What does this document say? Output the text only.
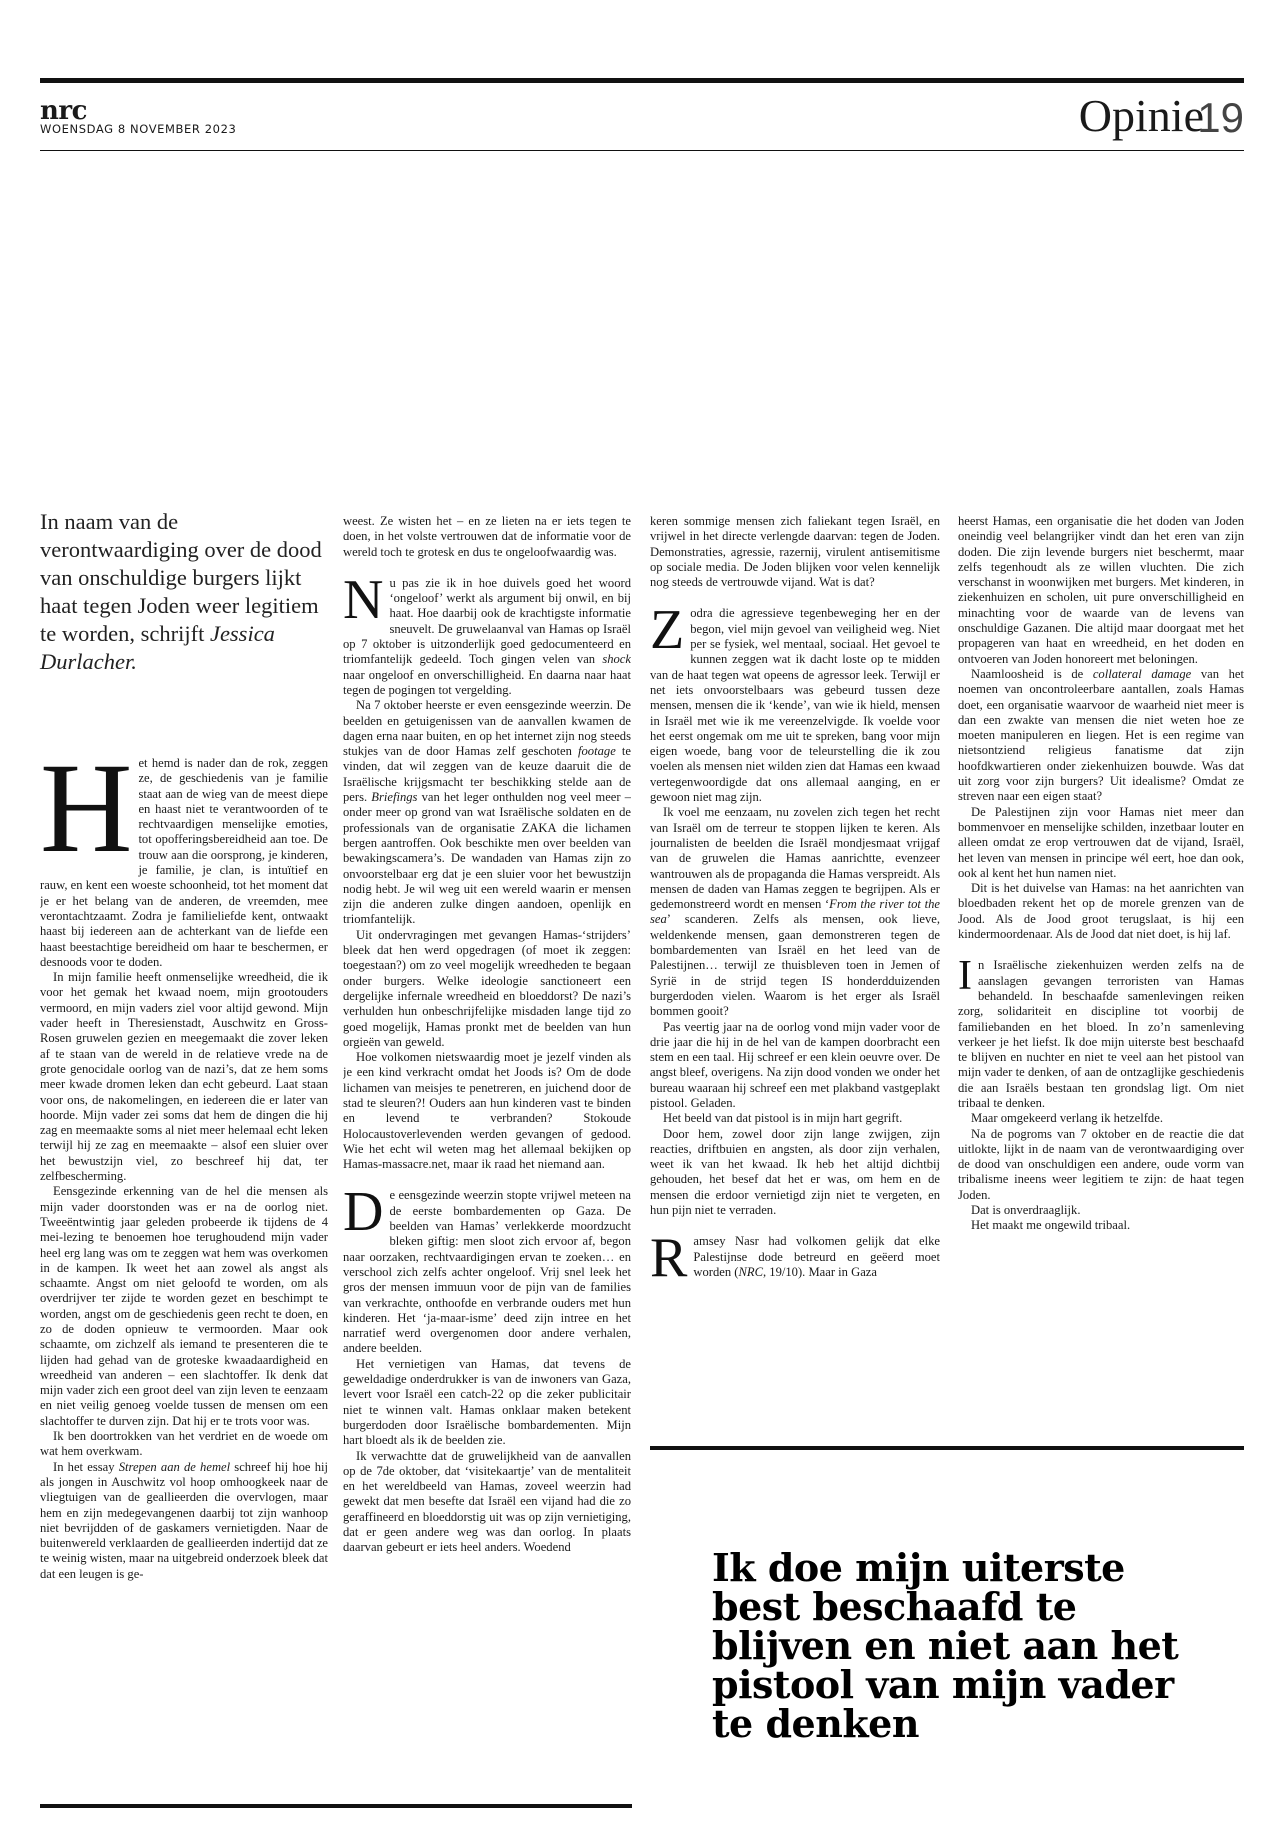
nrc
WOENSDAG 8 NOVEMBER 2023	Opinie
19
In naam van de verontwaardiging over de dood van onschuldige burgers lijkt haat tegen Joden weer legitiem te worden, schrijft Jessica Durlacher.
H et hemd is nader dan de rok, zeggen ze, de geschiedenis van je familie staat aan de wieg van de meest diepe en haast niet te verantwoorden of te rechtvaardigen menselijke emoties, tot opofferingsbereidheid aan toe. De trouw aan die oorsprong, je kinderen, je familie, je clan, is intuïtief en rauw, en kent een woeste schoonheid, tot het moment dat je er het belang van de anderen, de vreemden, mee verontachtzaamt. Zodra je familieliefde kent, ontwaakt haast bij iedereen aan de achterkant van de liefde een haast beestachtige bereidheid om haar te beschermen, er desnoods voor te doden.

In mijn familie heeft onmenselijke wreedheid, die ik voor het gemak het kwaad noem, mijn grootouders vermoord, en mijn vaders ziel voor altijd gewond. Mijn vader heeft in Theresienstadt, Auschwitz en Gross-Rosen gruwelen gezien en meegemaakt die zover leken af te staan van de wereld in de relatieve vrede na de grote genocidale oorlog van de nazi’s, dat ze hem soms meer kwade dromen leken dan echt gebeurd. Laat staan voor ons, de nakomelingen, en iedereen die er later van hoorde. Mijn vader zei soms dat hem de dingen die hij zag en meemaakte soms al niet meer helemaal echt leken terwijl hij ze zag en meemaakte – alsof een sluier over het bewustzijn viel, zo beschreef hij dat, ter zelfbescherming.

Eensgezinde erkenning van de hel die mensen als mijn vader doorstonden was er na de oorlog niet. Tweeëntwintig jaar geleden probeerde ik tijdens de 4 mei-lezing te benoemen hoe terughoudend mijn vader heel erg lang was om te zeggen wat hem was overkomen in de kampen. Ik weet het aan zowel als angst als schaamte. Angst om niet geloofd te worden, om als overdrijver ter zijde te worden gezet en beschimpt te worden, angst om de geschiedenis geen recht te doen, en zo de doden opnieuw te vermoorden. Maar ook schaamte, om zichzelf als iemand te presenteren die te lijden had gehad van de groteske kwaadaardigheid en wreedheid van anderen – een slachtoffer. Ik denk dat mijn vader zich een groot deel van zijn leven te eenzaam en niet veilig genoeg voelde tussen de mensen om een slachtoffer te durven zijn. Dat hij er te trots voor was.

Ik ben doortrokken van het verdriet en de woede om wat hem overkwam.

In het essay Strepen aan de hemel schreef hij hoe hij als jongen in Auschwitz vol hoop omhoogkeek naar de vliegtuigen van de geallieerden die overvlogen, maar hem en zijn medegevangenen daarbij tot zijn wanhoop niet bevrijdden of de gaskamers vernietigden. Naar de buitenwereld verklaarden de geallieerden indertijd dat ze te weinig wisten, maar na uitgebreid onderzoek bleek dat dat een leugen is ge-

weest. Ze wisten het – en ze lieten na er iets tegen te doen, in het volste vertrouwen dat de informatie voor de wereld toch te grotesk en dus te ongeloofwaardig was.

Nu pas zie ik in hoe duivels goed het woord ‘ongeloof’ werkt als argument bij onwil, en bij haat. Hoe daarbij ook de krachtigste informatie sneuvelt. De gruwelaanval van Hamas op Israël op 7 oktober is uitzonderlijk goed gedocumenteerd en triomfantelijk gedeeld. Toch gingen velen van shock naar ongeloof en onverschilligheid. En daarna naar haat tegen de pogingen tot vergelding.

Na 7 oktober heerste er even eensgezinde weerzin. De beelden en getuigenissen van de aanvallen kwamen de dagen erna naar buiten, en op het internet zijn nog steeds stukjes van de door Hamas zelf geschoten footage te vinden, dat wil zeggen van de keuze daaruit die de Israëlische krijgsmacht ter beschikking stelde aan de pers. Briefings van het leger onthulden nog veel meer – onder meer op grond van wat Israëlische soldaten en de professionals van de organisatie ZAKA die lichamen bergen aantroffen. Ook beschikte men over beelden van bewakingscamera’s. De wandaden van Hamas zijn zo onvoorstelbaar erg dat je een sluier voor het bewustzijn nodig hebt. Je wil weg uit een wereld waarin er mensen zijn die anderen zulke dingen aandoen, openlijk en triomfantelijk.

Uit ondervragingen met gevangen Hamas-‘strijders’ bleek dat hen werd opgedragen (of moet ik zeggen: toegestaan?) om zo veel mogelijk wreedheden te begaan onder burgers. Welke ideologie sanctioneert een dergelijke infernale wreedheid en bloeddorst? De nazi’s verhulden hun onbeschrijfelijke misdaden lange tijd zo goed mogelijk, Hamas pronkt met de beelden van hun orgieën van geweld.

Hoe volkomen nietswaardig moet je jezelf vinden als je een kind verkracht omdat het Joods is? Om de dode lichamen van meisjes te penetreren, en juichend door de stad te sleuren?! Ouders aan hun kinderen vast te binden en levend te verbranden? Stokoude Holocaustoverlevenden werden gevangen of gedood. Wie het echt wil weten mag het allemaal bekijken op Hamas-massacre.net, maar ik raad het niemand aan.

De eensgezinde weerzin stopte vrijwel meteen na de eerste bombardementen op Gaza. De beelden van Hamas’ verlekkerde moordzucht bleken giftig: men sloot zich ervoor af, begon naar oorzaken, rechtvaardigingen ervan te zoeken… en verschool zich zelfs achter ongeloof. Vrij snel leek het gros der mensen immuun voor de pijn van de families van verkrachte, onthoofde en verbrande ouders met hun kinderen. Het ‘ja-maar-isme’ deed zijn intree en het narratief werd overgenomen door andere verhalen, andere beelden.

Het vernietigen van Hamas, dat tevens de geweldadige onderdrukker is van de inwoners van Gaza, levert voor Israël een catch-22 op die zeker publicitair niet te winnen valt. Hamas onklaar maken betekent burgerdoden door Israëlische bombardementen. Mijn hart bloedt als ik de beelden zie.

Ik verwachtte dat de gruwelijkheid van de aanvallen op de 7de oktober, dat ‘visitekaartje’ van de mentaliteit en het wereldbeeld van Hamas, zoveel weerzin had gewekt dat men besefte dat Israël een vijand had die zo geraffineerd en bloeddorstig uit was op zijn vernietiging, dat er geen andere weg was dan oorlog. In plaats daarvan gebeurt er iets heel anders. Woedend

keren sommige mensen zich faliekant tegen Israël, en vrijwel in het directe verlengde daarvan: tegen de Joden. Demonstraties, agressie, razernij, virulent antisemitisme op sociale media. De Joden blijken voor velen kennelijk nog steeds de vertrouwde vijand. Wat is dat?

Zodra die agressieve tegenbeweging her en der begon, viel mijn gevoel van veiligheid weg. Niet per se fysiek, wel mentaal, sociaal. Het gevoel te kunnen zeggen wat ik dacht loste op te midden van de haat tegen wat opeens de agressor leek. Terwijl er net iets onvoorstelbaars was gebeurd tussen deze mensen, mensen die ik ‘kende’, van wie ik hield, mensen in Israël met wie ik me vereenzelvigde. Ik voelde voor het eerst ongemak om me uit te spreken, bang voor mijn eigen woede, bang voor de teleurstelling die ik zou voelen als mensen niet wilden zien dat Hamas een kwaad vertegenwoordigde dat ons allemaal aanging, en er gewoon niet mag zijn.

Ik voel me eenzaam, nu zovelen zich tegen het recht van Israël om de terreur te stoppen lijken te keren. Als journalisten de beelden die Israël mondjesmaat vrijgaf van de gruwelen die Hamas aanrichtte, evenzeer wantrouwen als de propaganda die Hamas verspreidt. Als mensen de daden van Hamas zeggen te begrijpen. Als er gedemonstreerd wordt en mensen ‘From the river tot the sea’ scanderen. Zelfs als mensen, ook lieve, weldenkende mensen, gaan demonstreren tegen de bombardementen van Israël en het leed van de Palestijnen… terwijl ze thuisbleven toen in Jemen of Syrië in de strijd tegen IS honderdduizenden burgerdoden vielen. Waarom is het erger als Israël bommen gooit?

Pas veertig jaar na de oorlog vond mijn vader voor de drie jaar die hij in de hel van de kampen doorbracht een stem en een taal. Hij schreef er een klein oeuvre over. De angst bleef, overigens. Na zijn dood vonden we onder het bureau waaraan hij schreef een met plakband vastgeplakt pistool. Geladen.

Het beeld van dat pistool is in mijn hart gegrift.

Door hem, zowel door zijn lange zwijgen, zijn reacties, driftbuien en angsten, als door zijn verhalen, weet ik van het kwaad. Ik heb het altijd dichtbij gehouden, het besef dat het er was, om hem en de mensen die erdoor vernietigd zijn niet te vergeten, en hun pijn niet te verraden.

Ramsey Nasr had volkomen gelijk dat elke Palestijnse dode betreurd en geëerd moet worden (NRC, 19/10). Maar in Gaza

heerst Hamas, een organisatie die het doden van Joden oneindig veel belangrijker vindt dan het eren van zijn doden. Die zijn levende burgers niet beschermt, maar zelfs tegenhoudt als ze willen vluchten. Die zich verschanst in woonwijken met burgers. Met kinderen, in ziekenhuizen en scholen, uit pure onverschilligheid en minachting voor de waarde van de levens van onschuldige Gazanen. Die altijd maar doorgaat met het propageren van haat en wreedheid, en het doden en ontvoeren van Joden honoreert met beloningen.

Naamloosheid is de collateral damage van het noemen van oncontroleerbare aantallen, zoals Hamas doet, een organisatie waarvoor de waarheid niet meer is dan een zwakte van mensen die niet weten hoe ze moeten manipuleren en liegen. Het is een regime van nietsontziend religieus fanatisme dat zijn hoofdkwartieren onder ziekenhuizen bouwde. Was dat uit zorg voor zijn burgers? Uit idealisme? Omdat ze streven naar een eigen staat?

De Palestijnen zijn voor Hamas niet meer dan bommenvoer en menselijke schilden, inzetbaar louter en alleen omdat ze erop vertrouwen dat de vijand, Israël, het leven van mensen in principe wél eert, hoe dan ook, ook al kent het hun namen niet.

Dit is het duivelse van Hamas: na het aanrichten van bloedbaden rekent het op de morele grenzen van de Jood. Als de Jood groot terugslaat, is hij een kindermoordenaar. Als de Jood dat niet doet, is hij laf.

In Israëlische ziekenhuizen werden zelfs na de aanslagen gevangen terroristen van Hamas behandeld. In beschaafde samenlevingen reiken zorg, solidariteit en discipline tot voorbij de familiebanden en het bloed. In zo’n samenleving verkeer je het liefst. Ik doe mijn uiterste best beschaafd te blijven en nuchter en niet te veel aan het pistool van mijn vader te denken, of aan de ontzaglijke geschiedenis die aan Israëls bestaan ten grondslag ligt. Om niet tribaal te denken.

Maar omgekeerd verlang ik hetzelfde.

Na de pogroms van 7 oktober en de reactie die dat uitlokte, lijkt in de naam van de verontwaardiging over de dood van onschuldigen een andere, oude vorm van tribalisme ineens weer legitiem te zijn: de haat tegen Joden.

Dat is onverdraaglijk.

Het maakt me ongewild tribaal.

Ik doe mijn uiterste best beschaafd te blijven en niet aan het pistool van mijn vader te denken
